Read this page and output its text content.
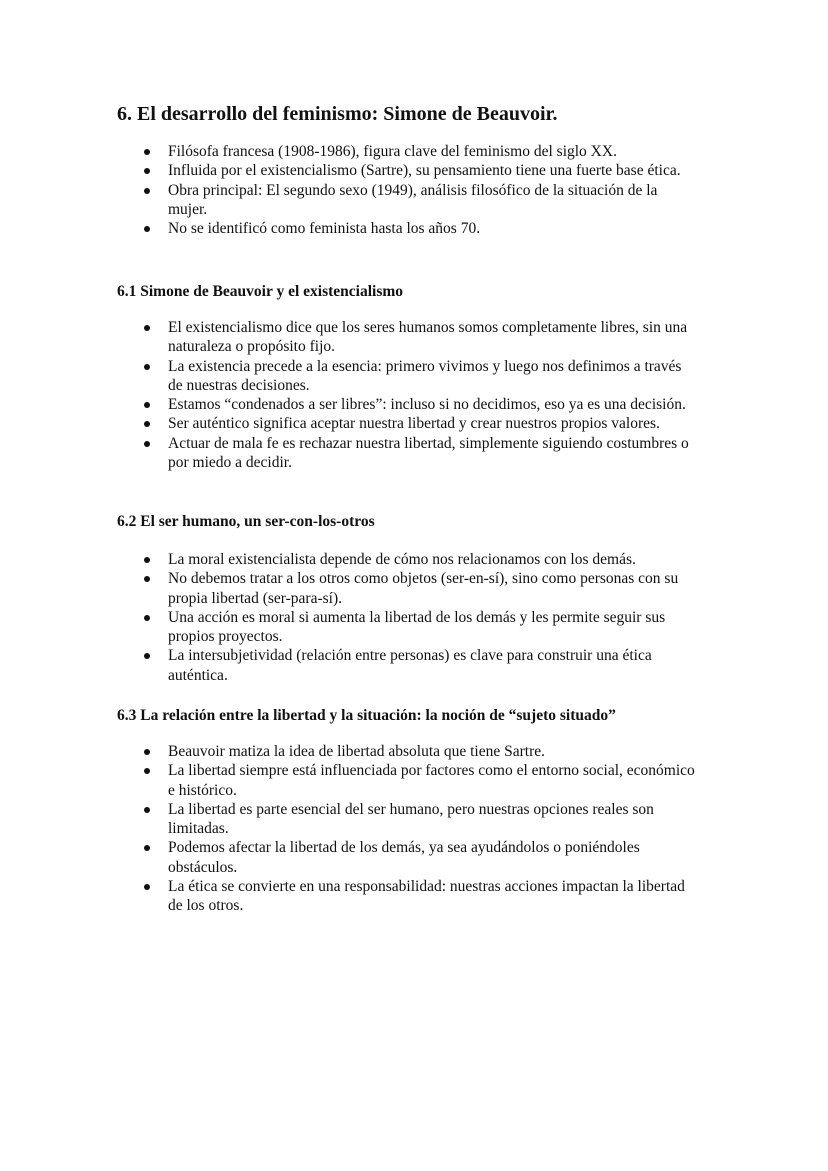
6. El desarrollo del feminismo: Simone de Beauvoir.
Filósofa francesa (1908-1986), figura clave del feminismo del siglo XX.
Influida por el existencialismo (Sartre), su pensamiento tiene una fuerte base ética.
Obra principal: El segundo sexo (1949), análisis filosófico de la situación de la mujer.
No se identificó como feminista hasta los años 70.
6.1 Simone de Beauvoir y el existencialismo
El existencialismo dice que los seres humanos somos completamente libres, sin una naturaleza o propósito fijo.
La existencia precede a la esencia: primero vivimos y luego nos definimos a través de nuestras decisiones.
Estamos “condenados a ser libres”: incluso si no decidimos, eso ya es una decisión.
Ser auténtico significa aceptar nuestra libertad y crear nuestros propios valores.
Actuar de mala fe es rechazar nuestra libertad, simplemente siguiendo costumbres o por miedo a decidir.
6.2 El ser humano, un ser-con-los-otros
La moral existencialista depende de cómo nos relacionamos con los demás.
No debemos tratar a los otros como objetos (ser-en-sí), sino como personas con su propia libertad (ser-para-sí).
Una acción es moral si aumenta la libertad de los demás y les permite seguir sus propios proyectos.
La intersubjetividad (relación entre personas) es clave para construir una ética auténtica.
6.3 La relación entre la libertad y la situación: la noción de “sujeto situado”
Beauvoir matiza la idea de libertad absoluta que tiene Sartre.
La libertad siempre está influenciada por factores como el entorno social, económico e histórico.
La libertad es parte esencial del ser humano, pero nuestras opciones reales son limitadas.
Podemos afectar la libertad de los demás, ya sea ayudándolos o poniéndoles obstáculos.
La ética se convierte en una responsabilidad: nuestras acciones impactan la libertad de los otros.
